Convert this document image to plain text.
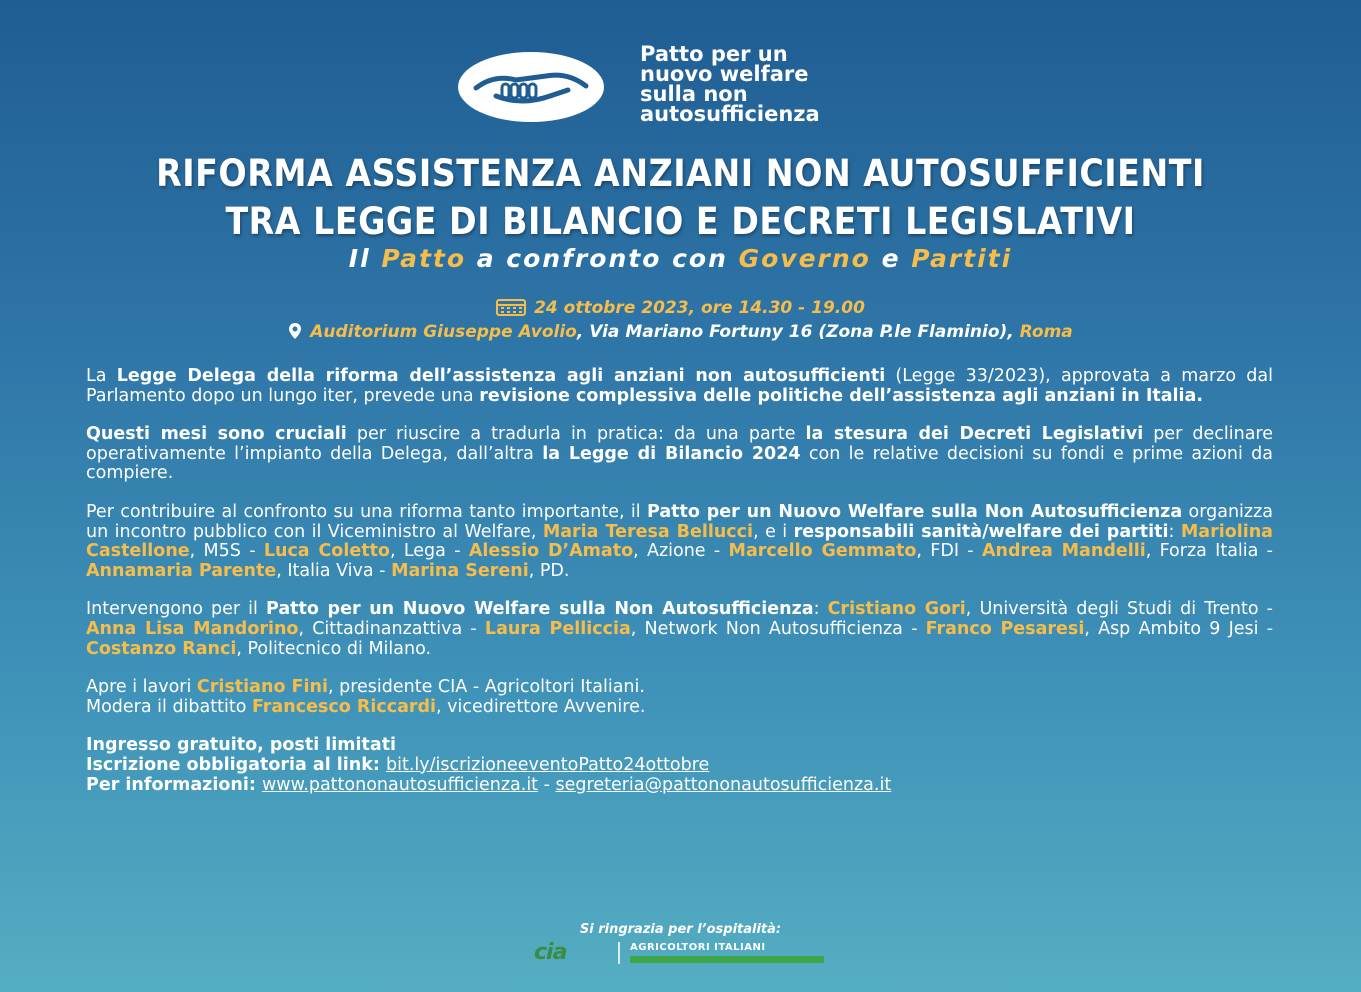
Patto per un
nuovo welfare
sulla non
autosufficienza
RIFORMA ASSISTENZA ANZIANI NON AUTOSUFFICIENTI
TRA LEGGE DI BILANCIO E DECRETI LEGISLATIVI
Il Patto a confronto con Governo e Partiti
24 ottobre 2023, ore 14.30 - 19.00
Auditorium Giuseppe Avolio, Via Mariano Fortuny 16 (Zona P.le Flaminio), Roma

La Legge Delega della riforma dell’assistenza agli anziani non autosufficienti (Legge 33/2023), approvata a marzo dal Parlamento dopo un lungo iter, prevede una revisione complessiva delle politiche dell’assistenza agli anziani in Italia.

Questi mesi sono cruciali per riuscire a tradurla in pratica: da una parte la stesura dei Decreti Legislativi per declinare operativamente l’impianto della Delega, dall’altra la Legge di Bilancio 2024 con le relative decisioni su fondi e prime azioni da compiere.

Per contribuire al confronto su una riforma tanto importante, il Patto per un Nuovo Welfare sulla Non Autosufficienza organizza un incontro pubblico con il Viceministro al Welfare, Maria Teresa Bellucci, e i responsabili sanità/welfare dei partiti: Mariolina Castellone, M5S - Luca Coletto, Lega - Alessio D’Amato, Azione - Marcello Gemmato, FDI - Andrea Mandelli, Forza Italia - Annamaria Parente, Italia Viva - Marina Sereni, PD.

Intervengono per il Patto per un Nuovo Welfare sulla Non Autosufficienza: Cristiano Gori, Università degli Studi di Trento - Anna Lisa Mandorino, Cittadinanzattiva - Laura Pelliccia, Network Non Autosufficienza - Franco Pesaresi, Asp Ambito 9 Jesi - Costanzo Ranci, Politecnico di Milano.

Apre i lavori Cristiano Fini, presidente CIA - Agricoltori Italiani.
Modera il dibattito Francesco Riccardi, vicedirettore Avvenire.

Ingresso gratuito, posti limitati
Iscrizione obbligatoria al link: bit.ly/iscrizioneeventoPatto24ottobre
Per informazioni: www.pattononautosufficienza.it - segreteria@pattononautosufficienza.it

Si ringrazia per l’ospitalità:
cia	AGRICOLTORI ITALIANI
